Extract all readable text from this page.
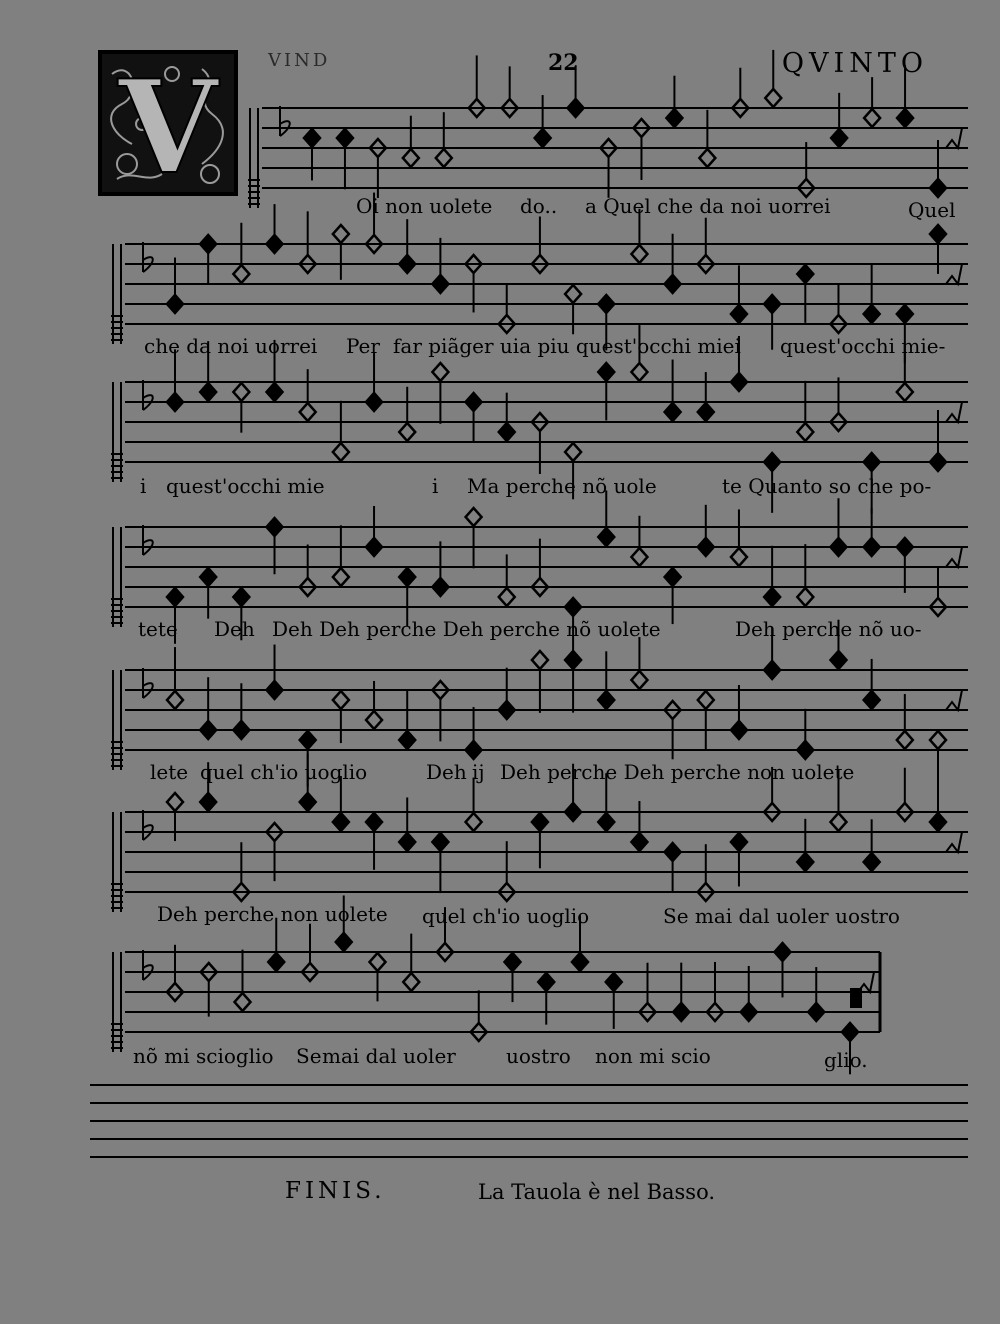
VIND	22	QVINTO
V
Oi non uolete do.. a Quel che da noi uorrei	Quel
che da noi uorrei Per far piãger uia piu quest'occhi miei quest'occhi mie-
i quest'occhi mie	i Ma perche nõ uole	te Quanto so che po-
tete Deh Deh Deh perche Deh perche nõ uolete	Deh perche nõ uo-
lete quel ch'io uoglio	Deh ij Deh perche Deh perche non uolete
Deh perche non uolete quel ch'io uoglio	Se mai dal uoler uostro
nõ mi scioglio Se mai dal uoler	uostro non mi scio	glio.
FINIS.	La Tauola è nel Basso.
